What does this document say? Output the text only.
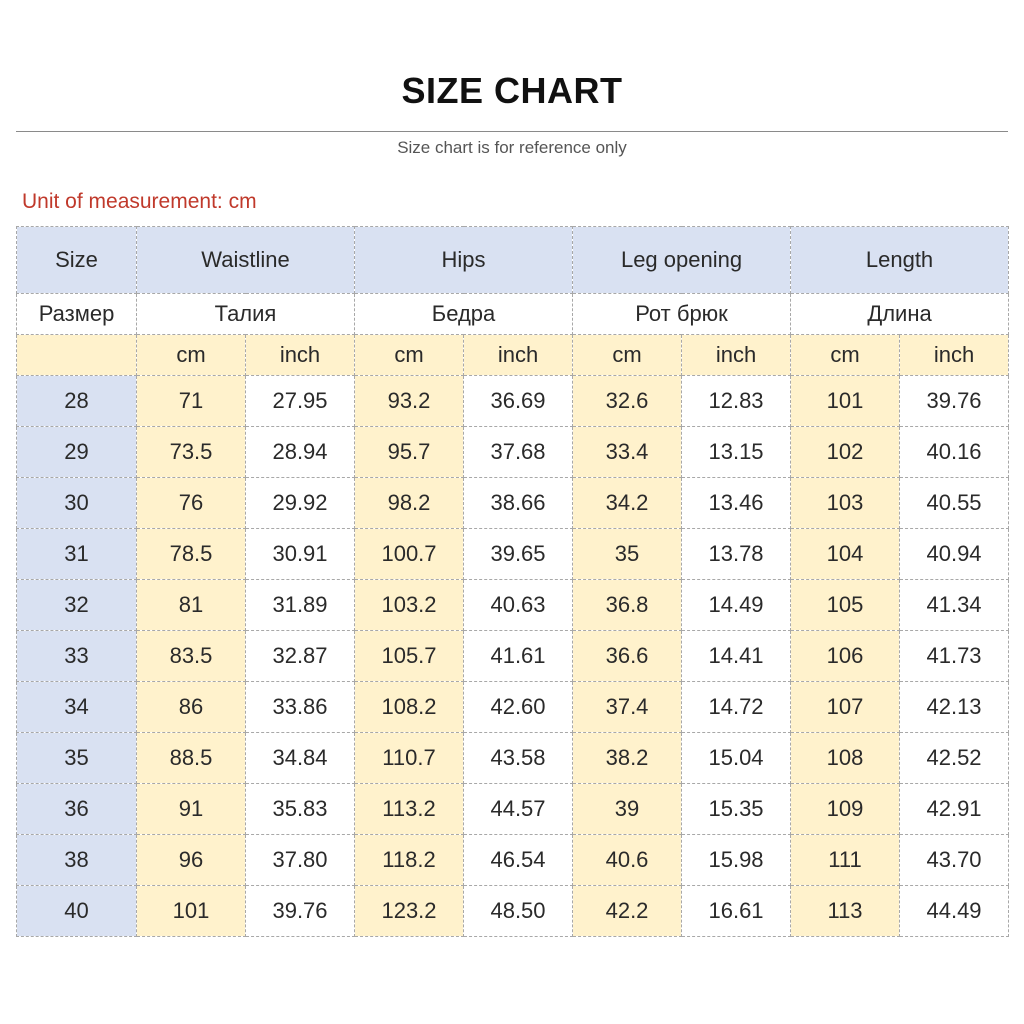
SIZE CHART
Size chart is for reference only
Unit of measurement: cm
Size	Waistline		Hips		Leg opening		Length	
Размер	Талия		Бедра		Рот брюк		Длина	
	cm	inch	cm	inch	cm	inch	cm	inch
28	71	27.95	93.2	36.69	32.6	12.83	101	39.76
29	73.5	28.94	95.7	37.68	33.4	13.15	102	40.16
30	76	29.92	98.2	38.66	34.2	13.46	103	40.55
31	78.5	30.91	100.7	39.65	35	13.78	104	40.94
32	81	31.89	103.2	40.63	36.8	14.49	105	41.34
33	83.5	32.87	105.7	41.61	36.6	14.41	106	41.73
34	86	33.86	108.2	42.60	37.4	14.72	107	42.13
35	88.5	34.84	110.7	43.58	38.2	15.04	108	42.52
36	91	35.83	113.2	44.57	39	15.35	109	42.91
38	96	37.80	118.2	46.54	40.6	15.98	111	43.70
40	101	39.76	123.2	48.50	42.2	16.61	113	44.49
